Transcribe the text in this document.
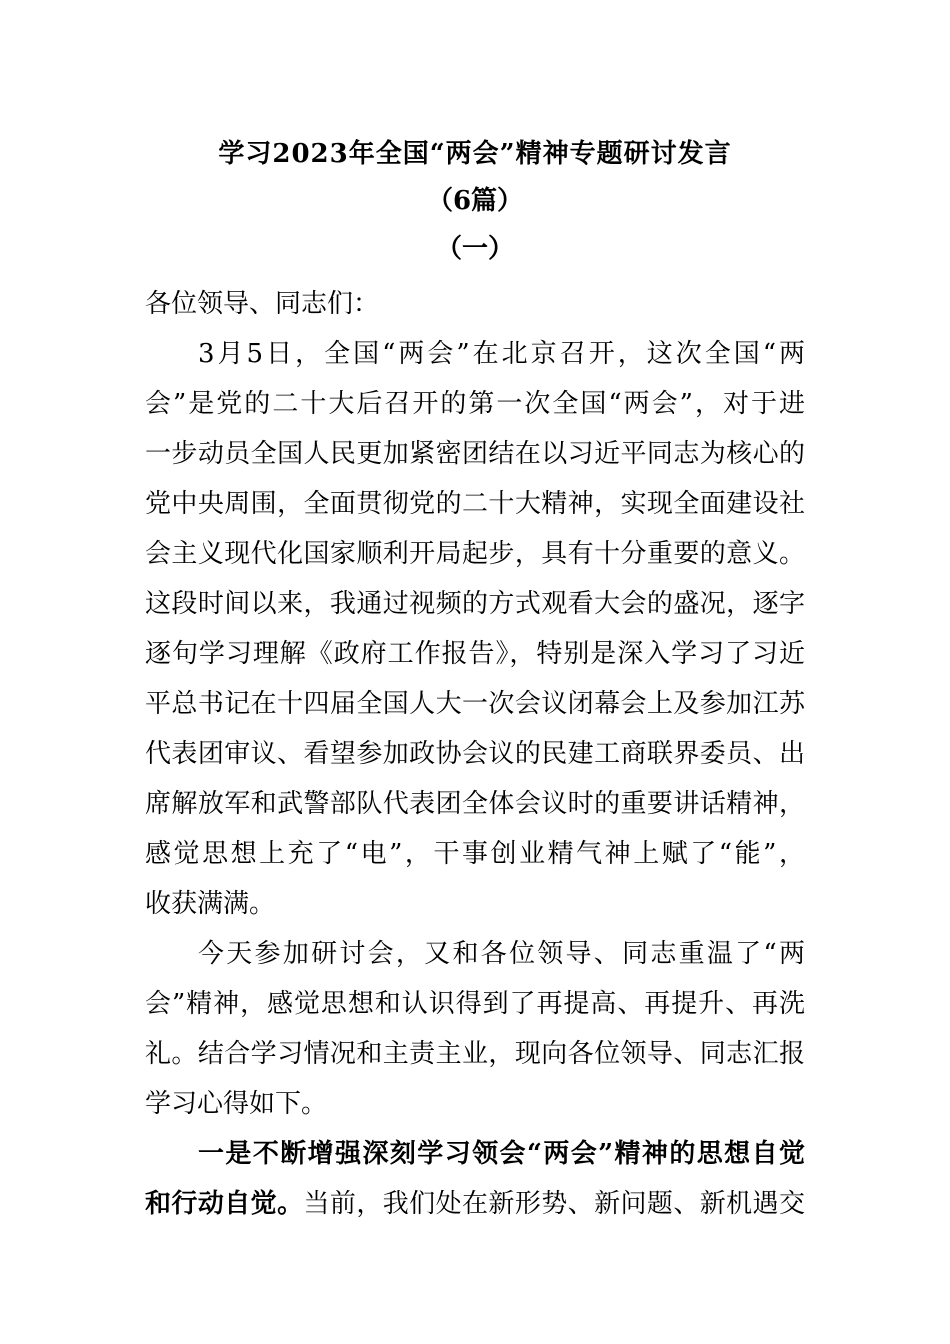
学习2023年全国“两会”精神专题研讨发言
（6篇）
（一）
各位领导、同志们：
3月5日，全国“两会”在北京召开，这次全国“两
会”是党的二十大后召开的第一次全国“两会”，对于进
一步动员全国人民更加紧密团结在以习近平同志为核心的
党中央周围，全面贯彻党的二十大精神，实现全面建设社
会主义现代化国家顺利开局起步，具有十分重要的意义。
这段时间以来，我通过视频的方式观看大会的盛况，逐字
逐句学习理解《政府工作报告》，特别是深入学习了习近
平总书记在十四届全国人大一次会议闭幕会上及参加江苏
代表团审议、看望参加政协会议的民建工商联界委员、出
席解放军和武警部队代表团全体会议时的重要讲话精神，
感觉思想上充了“电”，干事创业精气神上赋了“能”，
收获满满。
今天参加研讨会，又和各位领导、同志重温了“两
会”精神，感觉思想和认识得到了再提高、再提升、再洗
礼。结合学习情况和主责主业，现向各位领导、同志汇报
学习心得如下。
一是不断增强深刻学习领会“两会”精神的思想自觉
和行动自觉。当前，我们处在新形势、新问题、新机遇交
